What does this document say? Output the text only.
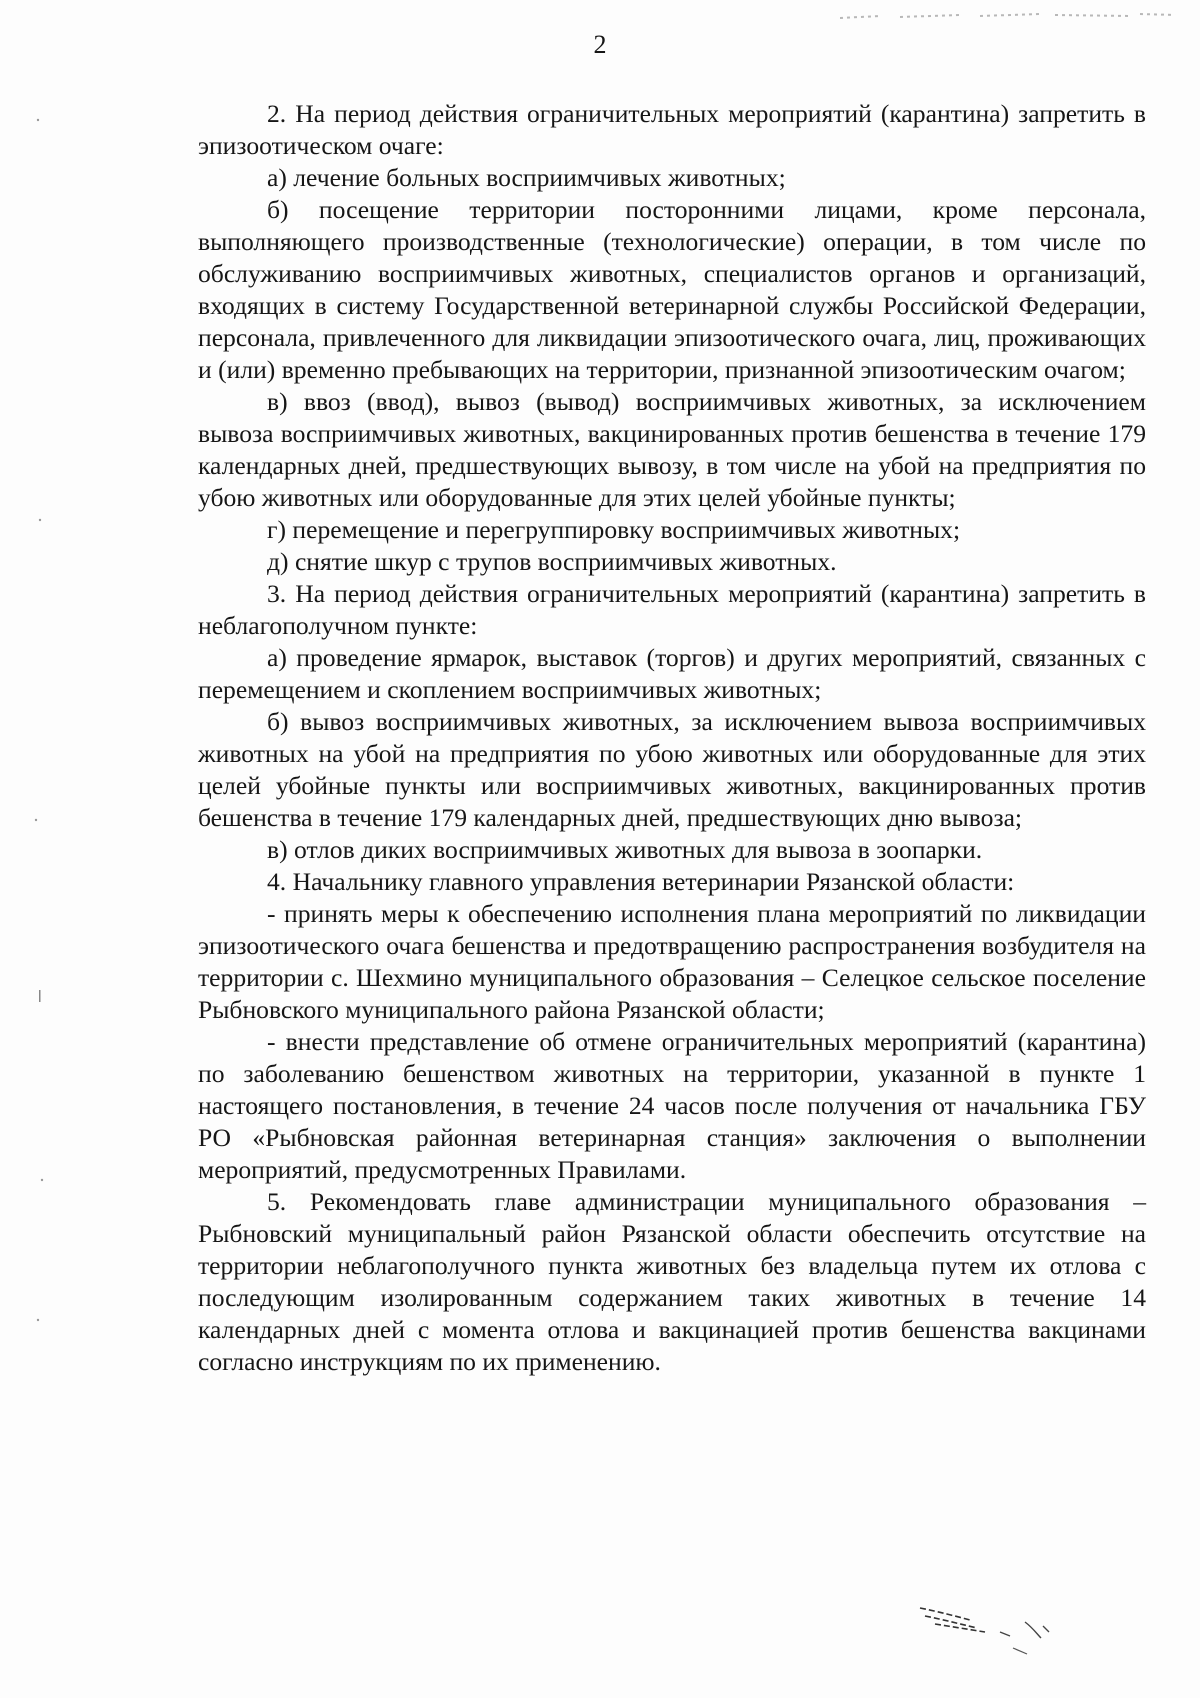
2

2. На период действия ограничительных мероприятий (карантина) запретить в эпизоотическом очаге:

а) лечение больных восприимчивых животных;

б) посещение территории посторонними лицами, кроме персонала, выполняющего производственные (технологические) операции, в том числе по обслуживанию восприимчивых животных, специалистов органов и организаций, входящих в систему Государственной ветеринарной службы Российской Федерации, персонала, привлеченного для ликвидации эпизоотического очага, лиц, проживающих и (или) временно пребывающих на территории, признанной эпизоотическим очагом;

в) ввоз (ввод), вывоз (вывод) восприимчивых животных, за исключением вывоза восприимчивых животных, вакцинированных против бешенства в течение 179 календарных дней, предшествующих вывозу, в том числе на убой на предприятия по убою животных или оборудованные для этих целей убойные пункты;

г) перемещение и перегруппировку восприимчивых животных;

д) снятие шкур с трупов восприимчивых животных.

3. На период действия ограничительных мероприятий (карантина) запретить в неблагополучном пункте:

а) проведение ярмарок, выставок (торгов) и других мероприятий, связанных с перемещением и скоплением восприимчивых животных;

б) вывоз восприимчивых животных, за исключением вывоза восприимчивых животных на убой на предприятия по убою животных или оборудованные для этих целей убойные пункты или восприимчивых животных, вакцинированных против бешенства в течение 179 календарных дней, предшествующих дню вывоза;

в) отлов диких восприимчивых животных для вывоза в зоопарки.

4. Начальнику главного управления ветеринарии Рязанской области:

- принять меры к обеспечению исполнения плана мероприятий по ликвидации эпизоотического очага бешенства и предотвращению распространения возбудителя на территории с. Шехмино муниципального образования – Селецкое сельское поселение Рыбновского муниципального района Рязанской области;

- внести представление об отмене ограничительных мероприятий (карантина) по заболеванию бешенством животных на территории, указанной в пункте 1 настоящего постановления, в течение 24 часов после получения от начальника ГБУ РО «Рыбновская районная ветеринарная станция» заключения о выполнении мероприятий, предусмотренных Правилами.

5. Рекомендовать главе администрации муниципального образования – Рыбновский муниципальный район Рязанской области обеспечить отсутствие на территории неблагополучного пункта животных без владельца путем их отлова с последующим изолированным содержанием таких животных в течение 14 календарных дней с момента отлова и вакцинацией против бешенства вакцинами согласно инструкциям по их применению.
